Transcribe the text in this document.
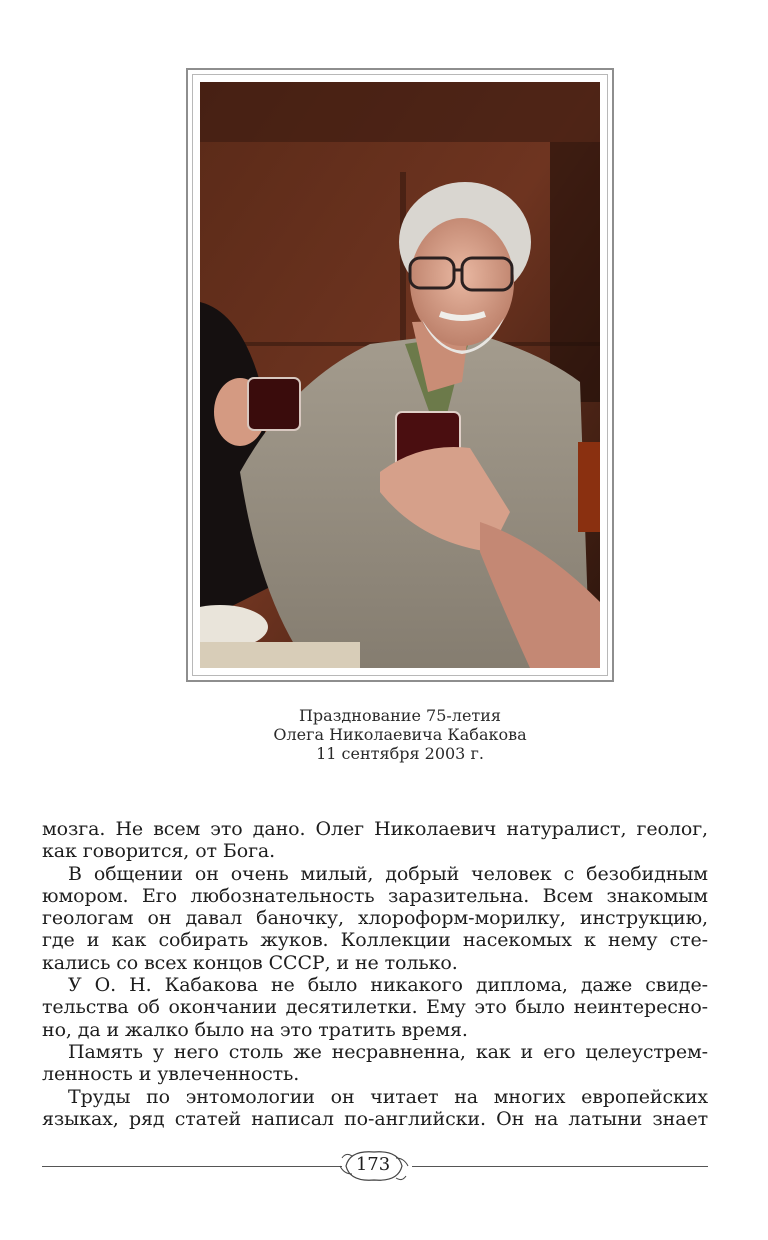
Празднование 75-летия
Олега Николаевича Кабакова
11 сентября 2003 г.
мозга. Не всем это дано. Олег Николаевич натуралист, геолог,
как говорится, от Бога.
В общении он очень милый, добрый человек с безобидным
юмором. Его любознательность заразительна. Всем знакомым
геологам он давал баночку, хлороформ-морилку, инструкцию,
где и как собирать жуков. Коллекции насекомых к нему сте-
кались со всех концов СССР, и не только.
У О. Н. Кабакова не было никакого диплома, даже свиде-
тельства об окончании десятилетки. Ему это было неинтересно-
но, да и жалко было на это тратить время.
Память у него столь же несравненна, как и его целеустрем-
ленность и увлеченность.
Труды по энтомологии он читает на многих европейских
языках, ряд статей написал по-английски. Он на латыни знает
173
